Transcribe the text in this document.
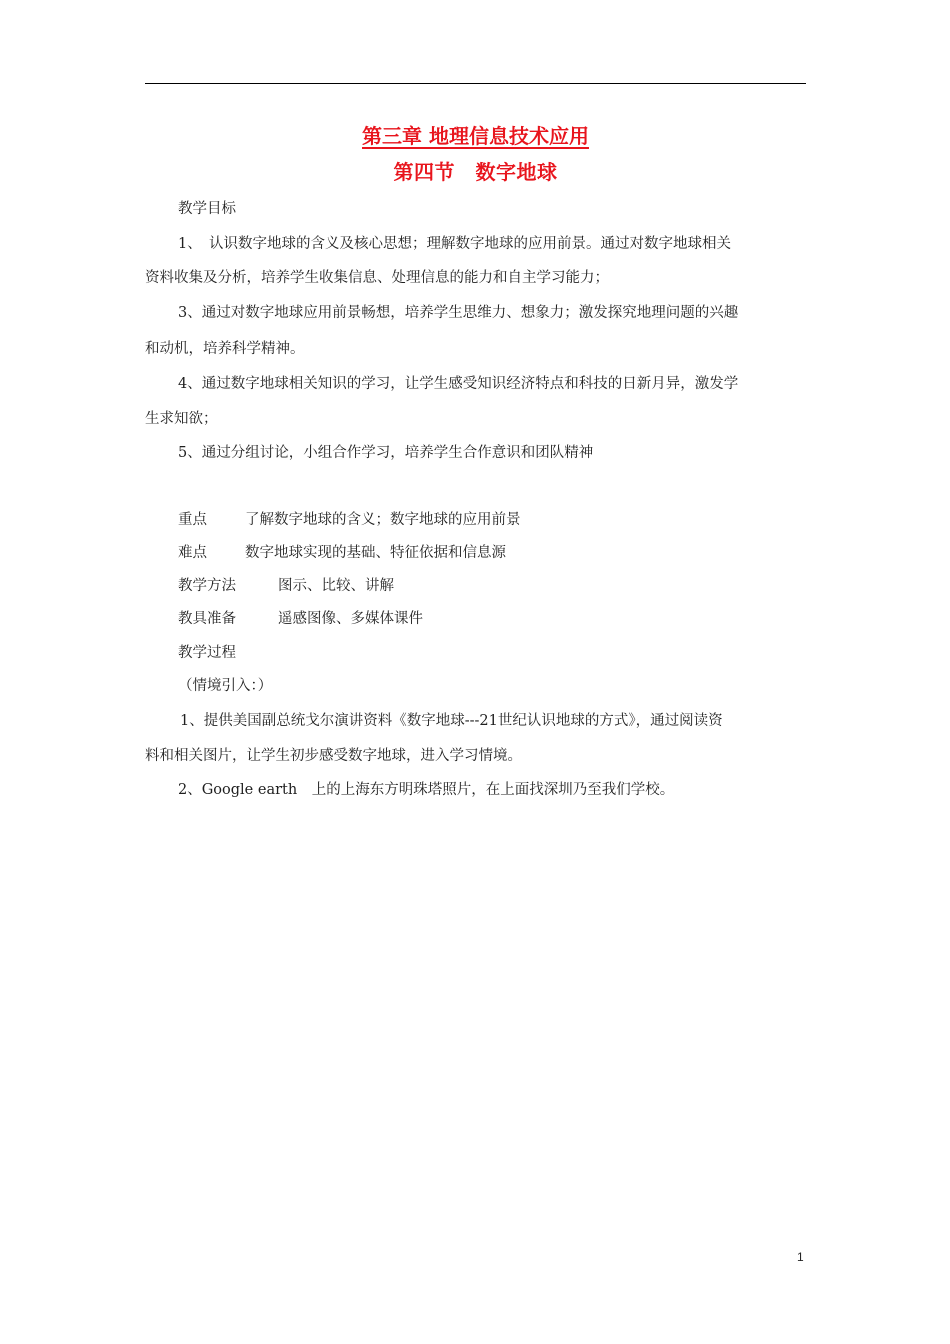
第三章 地理信息技术应用
第四节　数字地球
教学目标
1、　认识数字地球的含义及核心思想；理解数字地球的应用前景。通过对数字地球相关
资料收集及分析，培养学生收集信息、处理信息的能力和自主学习能力；
3、通过对数字地球应用前景畅想，培养学生思维力、想象力；激发探究地理问题的兴趣
和动机，培养科学精神。
4、通过数字地球相关知识的学习，让学生感受知识经济特点和科技的日新月异，激发学
生求知欲；
5、通过分组讨论，小组合作学习，培养学生合作意识和团队精神
重点	了解数字地球的含义；数字地球的应用前景
难点	数字地球实现的基础、特征依据和信息源
教学方法	图示、比较、讲解
教具准备	遥感图像、多媒体课件
教学过程
（情境引入：）
1、提供美国副总统戈尔演讲资料《数字地球---21世纪认识地球的方式》，通过阅读资
料和相关图片，让学生初步感受数字地球，进入学习情境。
2、Google earth　上的上海东方明珠塔照片，在上面找深圳乃至我们学校。
1
